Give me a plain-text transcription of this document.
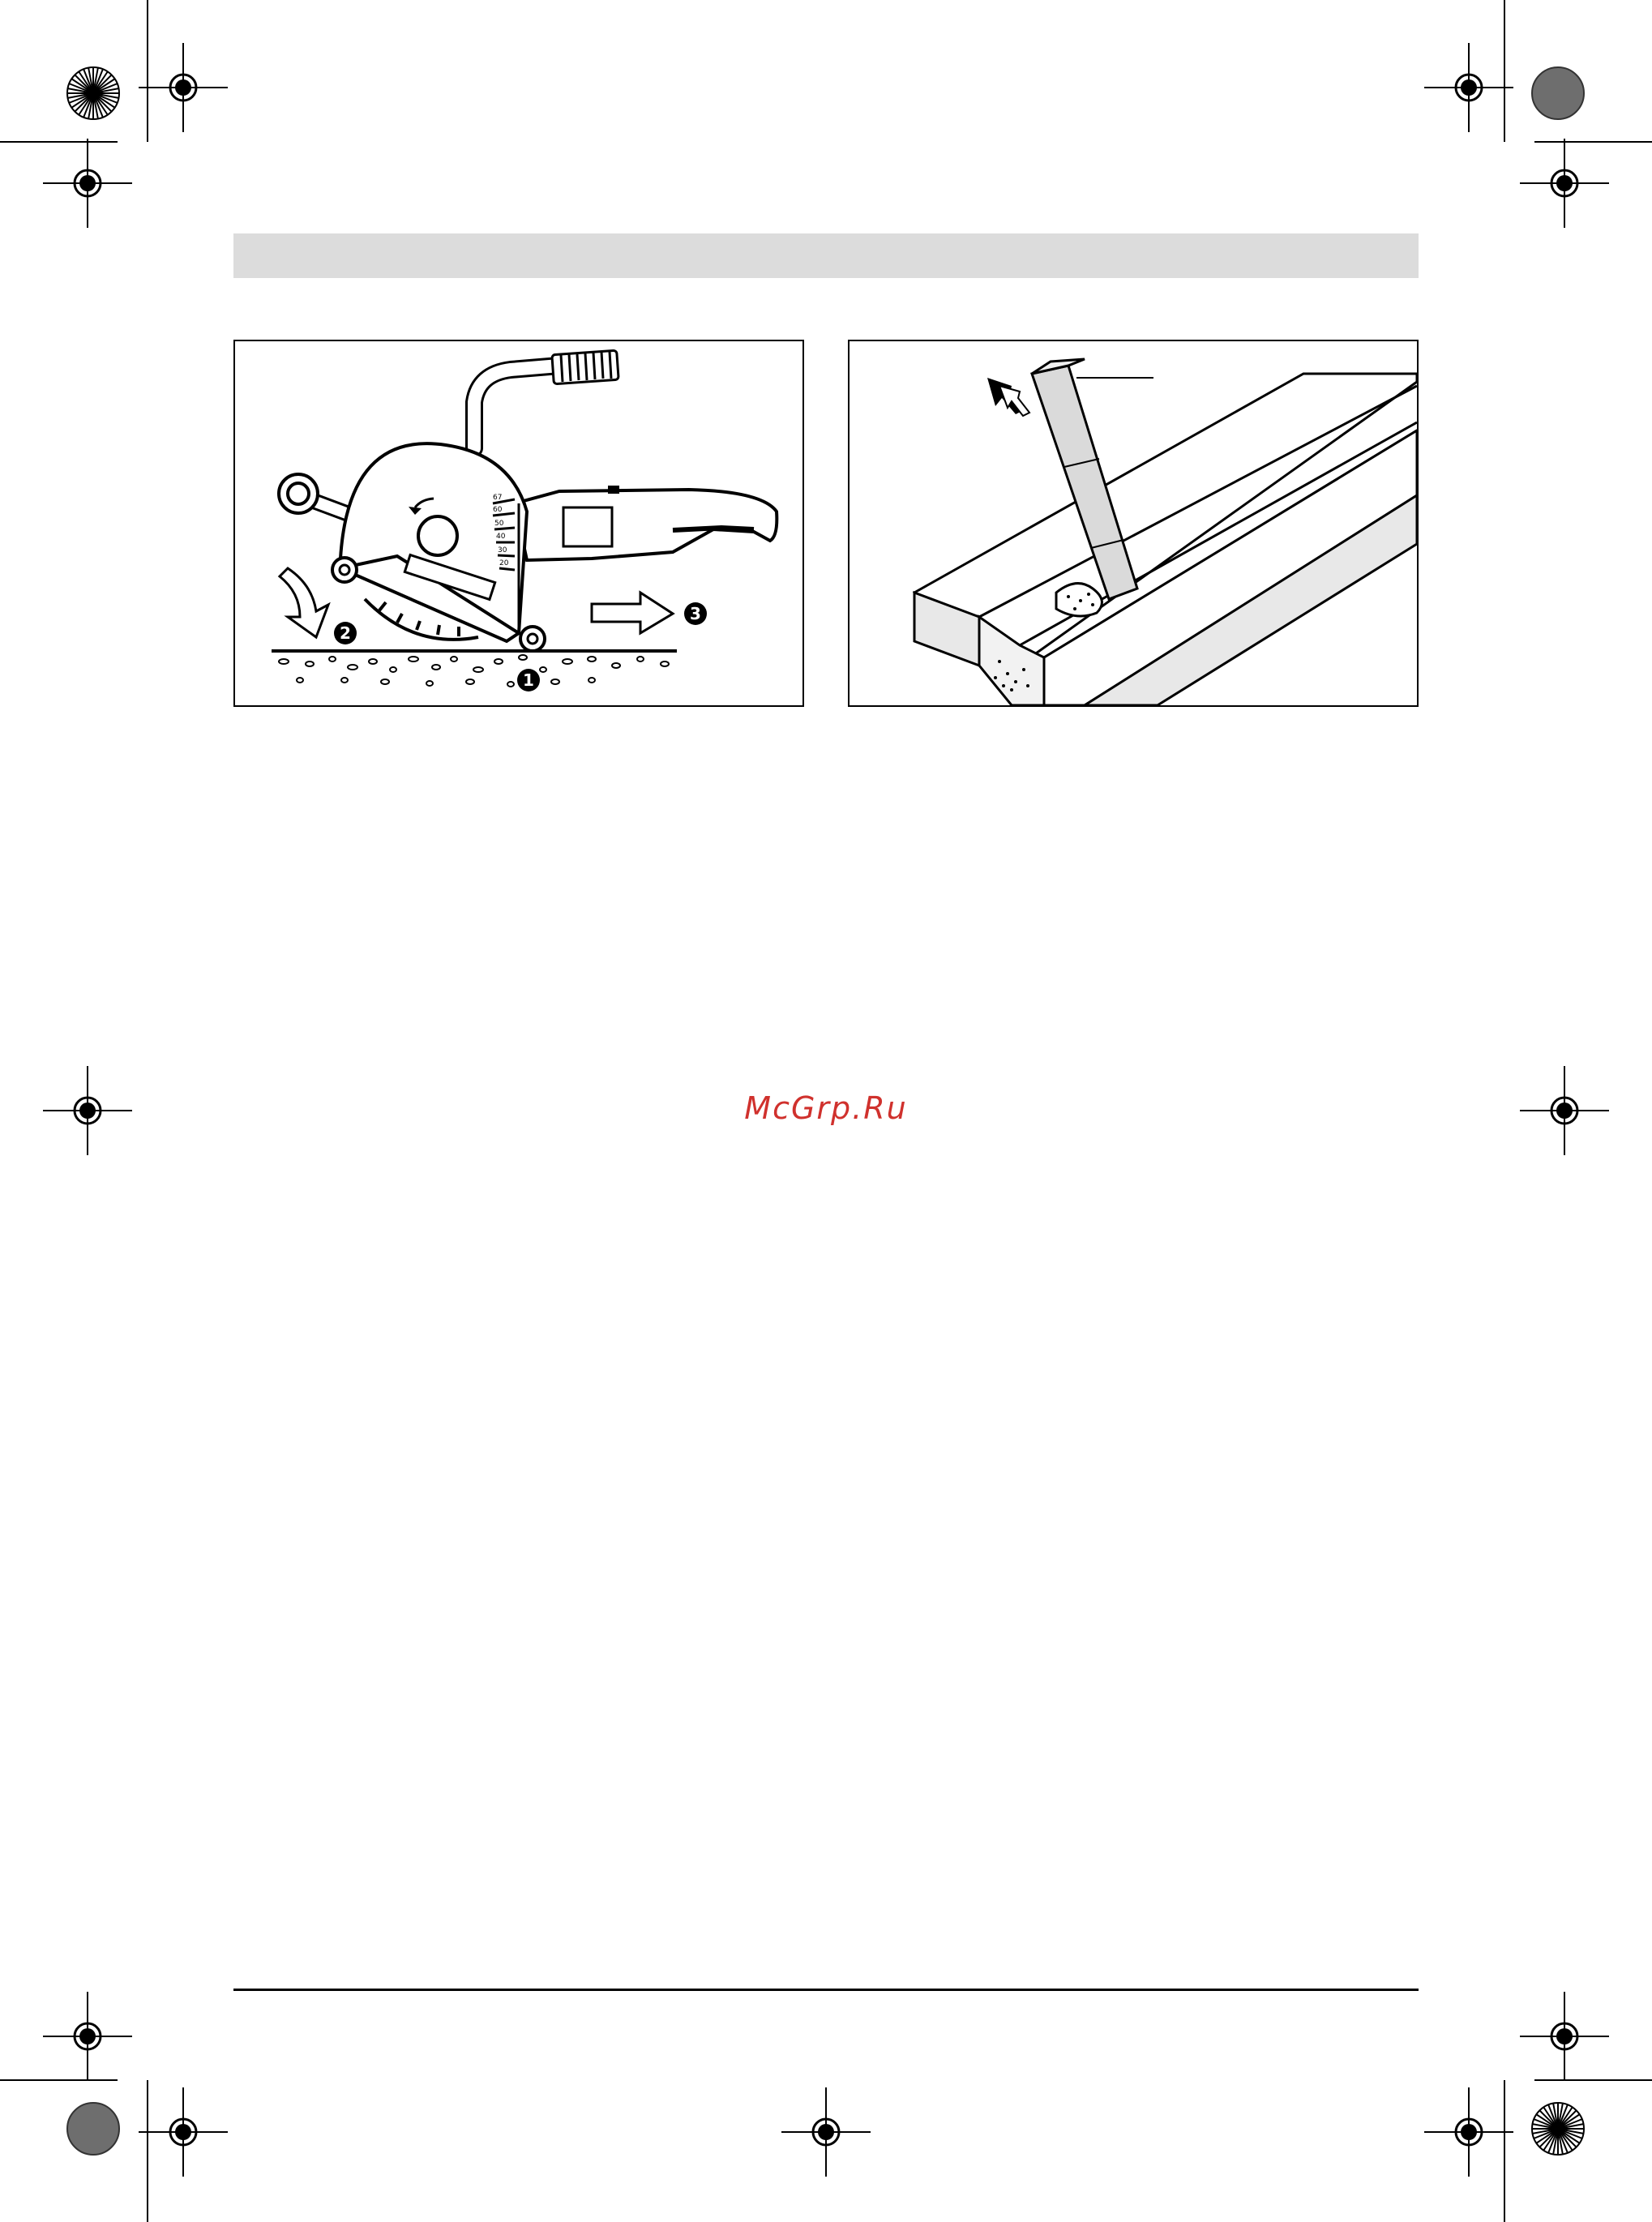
67
60
50
40
30
20
2
3
1
McGrp.Ru
